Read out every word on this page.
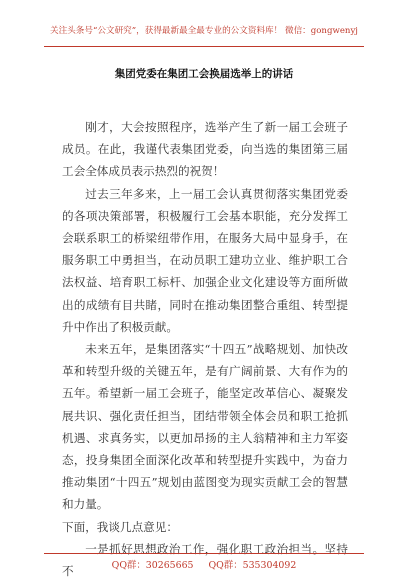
关注头条号“公文研究”，获得最新最全最专业的公文资料库！ 微信：gongwenyj
集团党委在集团工会换届选举上的讲话

刚才，大会按照程序，选举产生了新一届工会班子成员。在此，我谨代表集团党委，向当选的集团第三届工会全体成员表示热烈的祝贺！

过去三年多来，上一届工会认真贯彻落实集团党委的各项决策部署，积极履行工会基本职能，充分发挥工会联系职工的桥梁纽带作用，在服务大局中显身手，在服务职工中勇担当，在动员职工建功立业、维护职工合法权益、培育职工标杆、加强企业文化建设等方面所做出的成绩有目共睹，同时在推动集团整合重组、转型提升中作出了积极贡献。

未来五年，是集团落实“十四五”战略规划、加快改革和转型升级的关键五年，是有广阔前景、大有作为的五年。希望新一届工会班子，能坚定改革信心、凝聚发展共识、强化责任担当，团结带领全体会员和职工抢抓机遇、求真务实，以更加昂扬的主人翁精神和主力军姿态，投身集团全面深化改革和转型提升实践中，为奋力推动集团“十四五”规划由蓝图变为现实贡献工会的智慧和力量。

下面，我谈几点意见：

一是抓好思想政治工作，强化职工政治担当。坚持不	QQ群：30265665 QQ群：535304092
